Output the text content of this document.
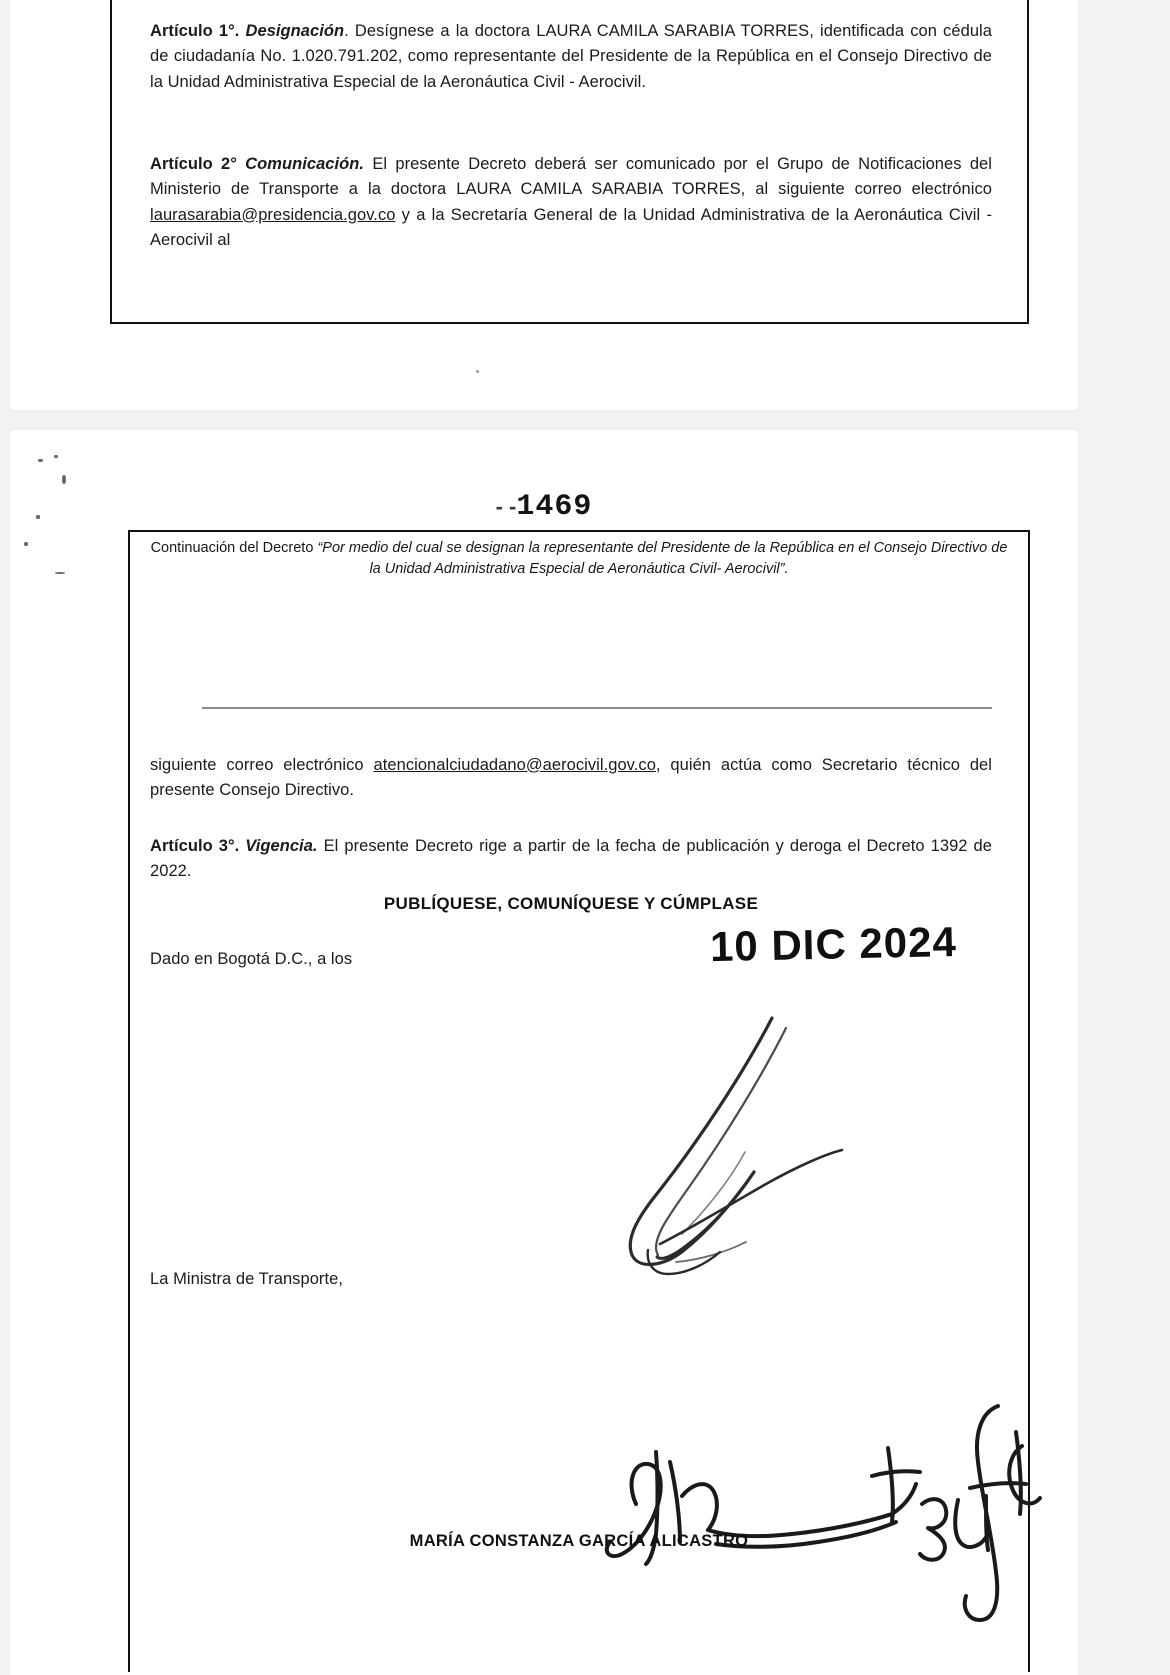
Artículo 1°. Designación. Desígnese a la doctora LAURA CAMILA SARABIA TORRES, identificada con cédula de ciudadanía No. 1.020.791.202, como representante del Presidente de la República en el Consejo Directivo de la Unidad Administrativa Especial de la Aeronáutica Civil - Aerocivil.

Artículo 2° Comunicación. El presente Decreto deberá ser comunicado por el Grupo de Notificaciones del Ministerio de Transporte a la doctora LAURA CAMILA SARABIA TORRES, al siguiente correo electrónico laurasarabia@presidencia.gov.co y a la Secretaría General de la Unidad Administrativa de la Aeronáutica Civil - Aerocivil al

- -1469
Continuación del Decreto “Por medio del cual se designan la representante del Presidente de la República en el Consejo Directivo de la Unidad Administrativa Especial de Aeronáutica Civil- Aerocivil”.

siguiente correo electrónico atencionalciudadano@aerocivil.gov.co, quién actúa como Secretario técnico del presente Consejo Directivo.

Artículo 3°. Vigencia. El presente Decreto rige a partir de la fecha de publicación y deroga el Decreto 1392 de 2022.

PUBLÍQUESE, COMUNÍQUESE Y CÚMPLASE
Dado en Bogotá D.C., a los	10 DIC 2024
La Ministra de Transporte,
MARÍA CONSTANZA GARCÍA ALICASTRO
